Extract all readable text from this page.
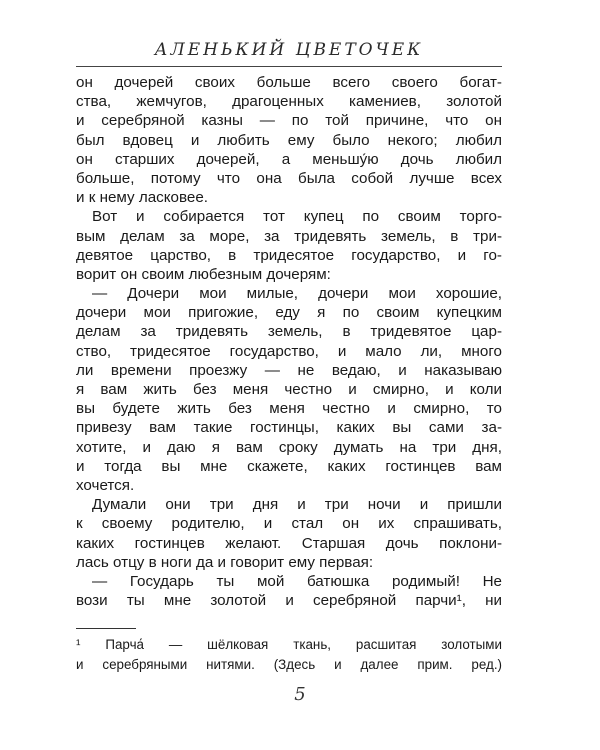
АЛЕНЬКИЙ ЦВЕТОЧЕК
он дочерей своих больше всего своего богат-
ства, жемчугов, драгоценных камениев, золотой
и серебряной казны — по той причине, что он
был вдовец и любить ему было некого; любил
он старших дочерей, а меньшу́ю дочь любил
больше, потому что она была собой лучше всех
и к нему ласковее.
Вот и собирается тот купец по своим торго-
вым делам за море, за тридевять земель, в три-
девятое царство, в тридесятое государство, и го-
ворит он своим любезным дочерям:
— Дочери мои милые, дочери мои хорошие,
дочери мои пригожие, еду я по своим купецким
делам за тридевять земель, в тридевятое цар-
ство, тридесятое государство, и мало ли, много
ли времени проезжу — не ведаю, и наказываю
я вам жить без меня честно и смирно, и коли
вы будете жить без меня честно и смирно, то
привезу вам такие гостинцы, каких вы сами за-
хотите, и даю я вам сроку думать на три дня,
и тогда вы мне скажете, каких гостинцев вам
хочется.
Думали они три дня и три ночи и пришли
к своему родителю, и стал он их спрашивать,
каких гостинцев желают. Старшая дочь поклони-
лась отцу в ноги да и говорит ему первая:
— Государь ты мой батюшка родимый! Не
вози ты мне золотой и серебряной парчи¹, ни
¹ Парча́ — шёлковая ткань, расшитая золотыми
и серебряными нитями. (Здесь и далее прим. ред.)
5
